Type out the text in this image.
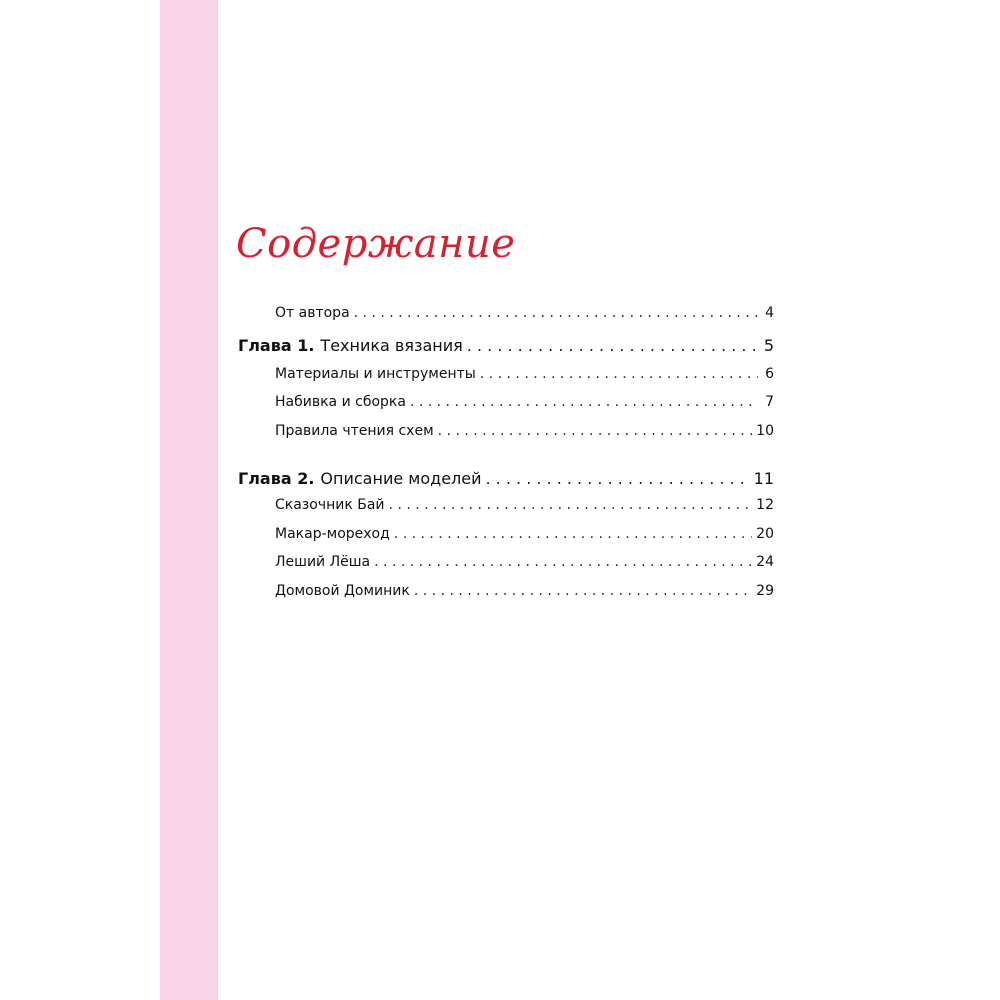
Содержание
От автора . . .	4
Глава 1. Техника вязания . . .	5
Материалы и инструменты . . .	6
Набивка и сборка . . .	7
Правила чтения схем . . .	10
Глава 2. Описание моделей . . .	11
Сказочник Бай . . .	12
Макар-мореход . . .	20
Леший Лёша . . .	24
Домовой Доминик . . .	29
